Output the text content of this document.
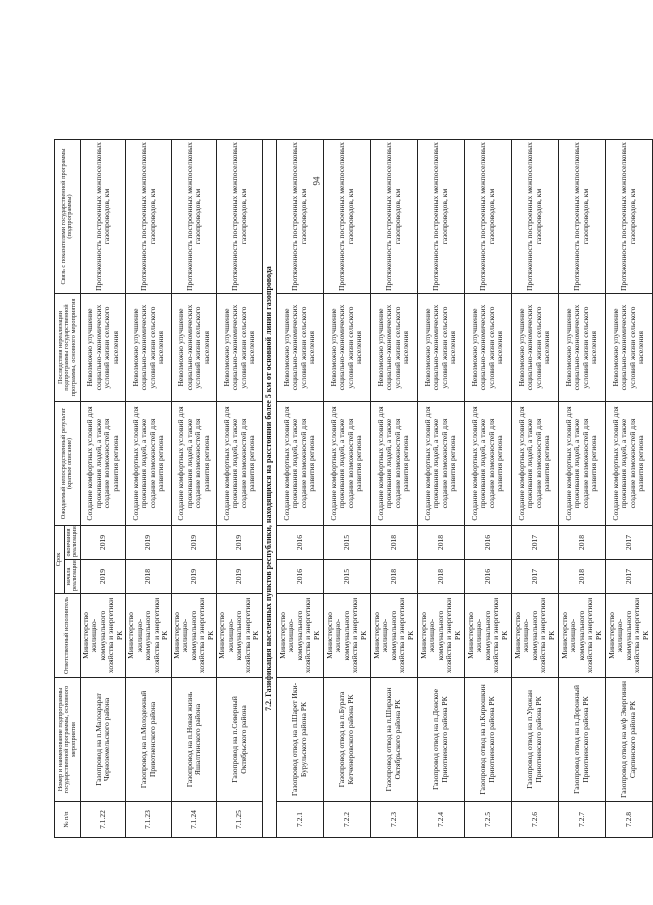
94
№ п/п	Номер и наименование подпрограммы государственной программы, основного мероприятия	Ответственный исполнитель	Срок		Ожидаемый непосредственный результат (краткое описание)	Последствия нереализации подпрограммы государственной программы, основного мероприятия	Связь с показателями государственной программы (подпрограммы)
			начала реализации	окончания реализации			
7.1.22	Газопровод на п.Малоарарат Черноземельского района	Министерство жилищно-коммунального хозяйства и энергетики РК	2019	2019	Создание комфортных условий для проживания людей, а также создание возможностей для развития региона	Невозможно улучшение социально-экономических условий жизни сельского населения	Протяженность построенных межпоселковых газопроводов, км
7.1.23	Газопровод на п.Молодежный Приютненского района	Министерство жилищно-коммунального хозяйства и энергетики РК	2018	2019	Создание комфортных условий для проживания людей, а также создание возможностей для развития региона	Невозможно улучшение социально-экономических условий жизни сельского населения	Протяженность построенных межпоселковых газопроводов, км
7.1.24	Газопровод на п.Новая жизнь Яшалтинского района	Министерство жилищно-коммунального хозяйства и энергетики РК	2019	2019	Создание комфортных условий для проживания людей, а также создание возможностей для развития региона	Невозможно улучшение социально-экономических условий жизни сельского населения	Протяженность построенных межпоселковых газопроводов, км
7.1.25	Газопровод на п.Северный Октябрьского района	Министерство жилищно-коммунального хозяйства и энергетики РК	2019	2019	Создание комфортных условий для проживания людей, а также создание возможностей для развития региона	Невозможно улучшение социально-экономических условий жизни сельского населения	Протяженность построенных межпоселковых газопроводов, км
7.2. Газификация населенных пунктов республики, находящихся на расстоянии более 5 км от основной линии газопровода							
7.2.1	Газопровод отвод на п.Шарет Ики-Бурульского района РК	Министерство жилищно-коммунального хозяйства и энергетики РК	2016	2016	Создание комфортных условий для проживания людей, а также создание возможностей для развития региона	Невозможно улучшение социально-экономических условий жизни сельского населения	Протяженность построенных межпоселковых газопроводов, км
7.2.2	Газопровод отвод на п.Бурата Кетченеровского района РК	Министерство жилищно-коммунального хозяйства и энергетики РК	2015	2015	Создание комфортных условий для проживания людей, а также создание возможностей для развития региона	Невозможно улучшение социально-экономических условий жизни сельского населения	Протяженность построенных межпоселковых газопроводов, км
7.2.3	Газопровод отвод на п.Ширакан Октябрьского района РК	Министерство жилищно-коммунального хозяйства и энергетики РК	2018	2018	Создание комфортных условий для проживания людей, а также создание возможностей для развития региона	Невозможно улучшение социально-экономических условий жизни сельского населения	Протяженность построенных межпоселковых газопроводов, км
7.2.4	Газопровод отвод на п.Донское Приютненского района РК	Министерство жилищно-коммунального хозяйства и энергетики РК	2018	2018	Создание комфортных условий для проживания людей, а также создание возможностей для развития региона	Невозможно улучшение социально-экономических условий жизни сельского населения	Протяженность построенных межпоселковых газопроводов, км
7.2.5	Газопровод отвод на п.Кирюшкин Приютненского района РК	Министерство жилищно-коммунального хозяйства и энергетики РК	2016	2016	Создание комфортных условий для проживания людей, а также создание возможностей для развития региона	Невозможно улучшение социально-экономических условий жизни сельского населения	Протяженность построенных межпоселковых газопроводов, км
7.2.6	Газопровод отвод на п.Урожан Приютненского района РК	Министерство жилищно-коммунального хозяйства и энергетики РК	2017	2017	Создание комфортных условий для проживания людей, а также создание возможностей для развития региона	Невозможно улучшение социально-экономических условий жизни сельского населения	Протяженность построенных межпоселковых газопроводов, км
7.2.7	Газопровод отвод на п.Дорожный Приютненского района РК	Министерство жилищно-коммунального хозяйства и энергетики РК	2018	2018	Создание комфортных условий для проживания людей, а также создание возможностей для развития региона	Невозможно улучшение социально-экономических условий жизни сельского населения	Протяженность построенных межпоселковых газопроводов, км
7.2.8	Газопровод отвод на м/ф Эвергинин Сарпинского района РК	Министерство жилищно-коммунального хозяйства и энергетики РК	2017	2017	Создание комфортных условий для проживания людей, а также создание возможностей для развития региона	Невозможно улучшение социально-экономических условий жизни сельского населения	Протяженность построенных межпоселковых газопроводов, км
